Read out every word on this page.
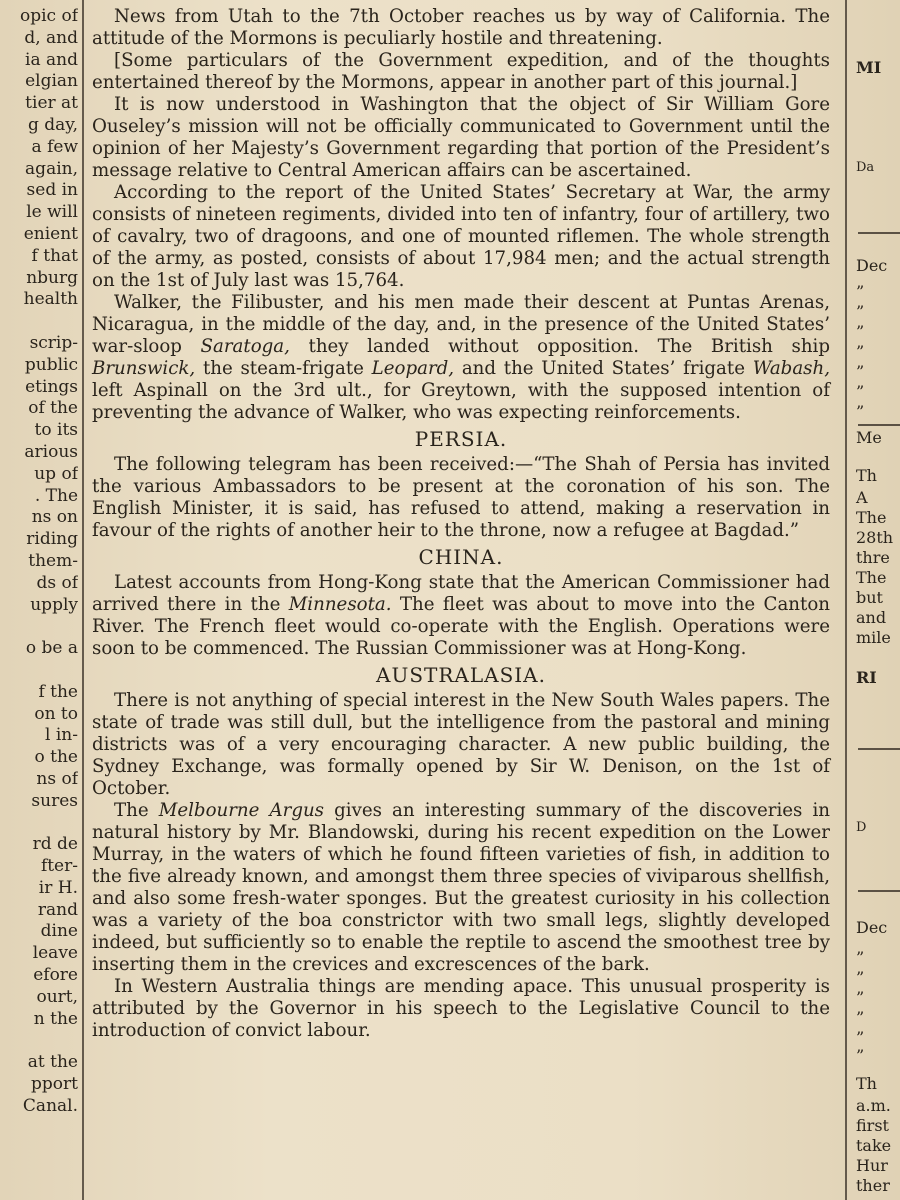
opic of
d, and
ia and
elgian
tier at
g day,
a few
again,
sed in
le will
enient
f that
nburg
health
scrip-
public
etings
of the
to its
arious
up of
. The
ns on
riding
them-
ds of
upply
o be a
f the
on to
l in-
o the
ns of
sures
rd de
fter-
ir H.
rand
dine
leave
efore
ourt,
n the
at the
pport
Canal.

News from Utah to the 7th October reaches us by way of California. The attitude of the Mormons is peculiarly hostile and threatening.

[Some particulars of the Government expedition, and of the thoughts entertained thereof by the Mormons, appear in another part of this journal.]

It is now understood in Washington that the object of Sir William Gore Ouseley’s mission will not be officially communicated to Government until the opinion of her Majesty’s Government regarding that portion of the President’s message relative to Central American affairs can be ascertained.

According to the report of the United States’ Secretary at War, the army consists of nineteen regiments, divided into ten of infantry, four of artillery, two of cavalry, two of dragoons, and one of mounted riflemen. The whole strength of the army, as posted, consists of about 17,984 men; and the actual strength on the 1st of July last was 15,764.

Walker, the Filibuster, and his men made their descent at Puntas Arenas, Nicaragua, in the middle of the day, and, in the presence of the United States’ war-sloop Saratoga, they landed without opposition. The British ship Brunswick, the steam-frigate Leopard, and the United States’ frigate Wabash, left Aspinall on the 3rd ult., for Greytown, with the supposed intention of preventing the advance of Walker, who was expecting reinforcements.

PERSIA.

The following telegram has been received:—“The Shah of Persia has invited the various Ambassadors to be present at the coronation of his son. The English Minister, it is said, has refused to attend, making a reservation in favour of the rights of another heir to the throne, now a refugee at Bagdad.”

CHINA.

Latest accounts from Hong-Kong state that the American Commissioner had arrived there in the Minnesota. The fleet was about to move into the Canton River. The French fleet would co-operate with the English. Operations were soon to be commenced. The Russian Commissioner was at Hong-Kong.

AUSTRALASIA.

There is not anything of special interest in the New South Wales papers. The state of trade was still dull, but the intelligence from the pastoral and mining districts was of a very encouraging character. A new public building, the Sydney Exchange, was formally opened by Sir W. Denison, on the 1st of October.

The Melbourne Argus gives an interesting summary of the discoveries in natural history by Mr. Blandowski, during his recent expedition on the Lower Murray, in the waters of which he found fifteen varieties of fish, in addition to the five already known, and amongst them three species of viviparous shellfish, and also some fresh-water sponges. But the greatest curiosity in his collection was a variety of the boa constrictor with two small legs, slightly developed indeed, but sufficiently so to enable the reptile to ascend the smoothest tree by inserting them in the crevices and excrescences of the bark.

In Western Australia things are mending apace. This unusual prosperity is attributed by the Governor in his speech to the Legislative Council to the introduction of convict labour.

MI
Da
Dec
”
”
”
”
”
”
”
Me
Th
A
The
28th
thre
The
but
and
mile
RI
D
Dec
”
”
”
”
”
”
Th
a.m.
first
take
Hur
ther
